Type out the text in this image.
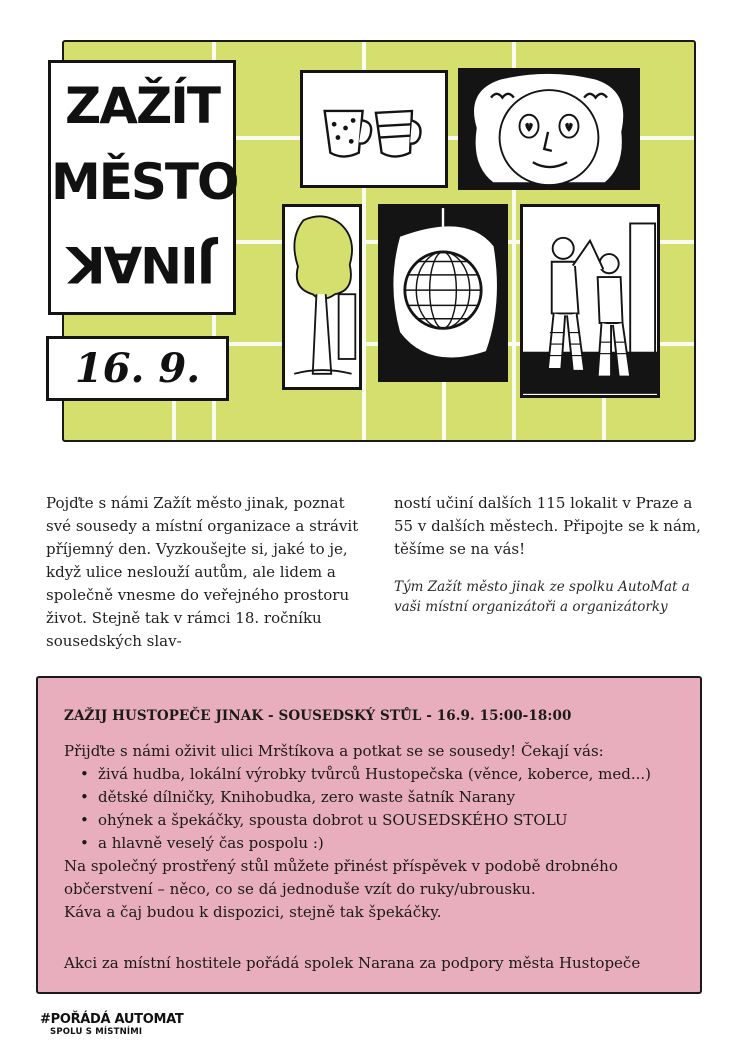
ZAŽÍT
MĚSTO
JINAK
16. 9.

Pojďte s námi Zažít město jinak, poznat své sousedy a místní organizace a strávit příjemný den. Vyzkoušejte si, jaké to je, když ulice neslouží autům, ale lidem a společně vnesme do veřejného prostoru život. Stejně tak v rámci 18. ročníku sousedských slav-

ností učiní dalších 115 lokalit v Praze a 55 v dalších městech. Připojte se k nám, těšíme se na vás!

Tým Zažít město jinak ze spolku AutoMat a vaši místní organizátoři a organizátorky

ZAŽIJ HUSTOPEČE JINAK - SOUSEDSKÝ STŮL - 16.9. 15:00-18:00
Přijďte s námi oživit ulici Mrštíkova a potkat se se sousedy! Čekají vás:
• živá hudba, lokální výrobky tvůrců Hustopečska (věnce, koberce, med...)
• dětské dílničky, Knihobudka, zero waste šatník Narany
• ohýnek a špekáčky, spousta dobrot u SOUSEDSKÉHO STOLU
• a hlavně veselý čas pospolu :)
Na společný prostřený stůl můžete přinést příspěvek v podobě drobného
občerstvení – něco, co se dá jednoduše vzít do ruky/ubrousku.
Káva a čaj budou k dispozici, stejně tak špekáčky.
Akci za místní hostitele pořádá spolek Narana za podpory města Hustopeče
#POŘÁDÁ AUTOMAT
SPOLU S MÍSTNÍMI
